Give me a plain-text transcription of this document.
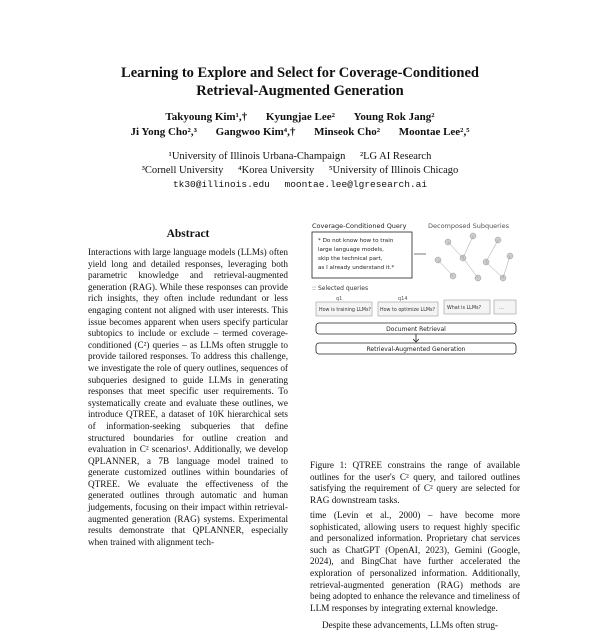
Learning to Explore and Select for Coverage-Conditioned
Retrieval-Augmented Generation
Takyoung Kim¹,† Kyungjae Lee² Young Rok Jang²
Ji Yong Cho²,³ Gangwoo Kim⁴,† Minseok Cho² Moontae Lee²,⁵
¹University of Illinois Urbana-Champaign ²LG AI Research
³Cornell University ⁴Korea University ⁵University of Illinois Chicago
tk30@illinois.edu moontae.lee@lgresearch.ai
Abstract

Interactions with large language models (LLMs) often yield long and detailed responses, leveraging both parametric knowledge and retrieval-augmented generation (RAG). While these responses can provide rich insights, they often include redundant or less engaging content not aligned with user interests. This issue becomes apparent when users specify particular subtopics to include or exclude – termed coverage-conditioned (C²) queries – as LLMs often struggle to provide tailored responses. To address this challenge, we investigate the role of query outlines, sequences of subqueries designed to guide LLMs in generating responses that meet specific user requirements. To systematically create and evaluate these outlines, we introduce QTREE, a dataset of 10K hierarchical sets of information-seeking subqueries that define structured boundaries for outline creation and evaluation in C² scenarios¹. Additionally, we develop QPLANNER, a 7B language model trained to generate customized outlines within boundaries of QTREE. We evaluate the effectiveness of the generated outlines through automatic and human judgements, focusing on their impact within retrieval-augmented generation (RAG) systems. Experimental results demonstrate that QPLANNER, especially when trained with alignment tech-

Coverage-Conditioned Query	Decomposed Subqueries
* Do not know how to train
large language models,
skip the technical part,
as I already understand it.*
:: Selected queries
q1
How is training LLMs?
q14
How to optimize LLMs? What is LLMs?	...
Document Retrieval
Retrieval-Augmented Generation
Figure 1: QTREE constrains the range of available outlines for the user's C² query, and tailored outlines satisfying the requirement of C² query are selected for RAG downstream tasks.

time (Levin et al., 2000) – have become more sophisticated, allowing users to request highly specific and personalized information. Proprietary chat services such as ChatGPT (OpenAI, 2023), Gemini (Google, 2024), and BingChat have further accelerated the exploration of personalized information. Additionally, retrieval-augmented generation (RAG) methods are being adopted to enhance the relevance and timeliness of LLM responses by integrating external knowledge.

Despite these advancements, LLMs often strug-
